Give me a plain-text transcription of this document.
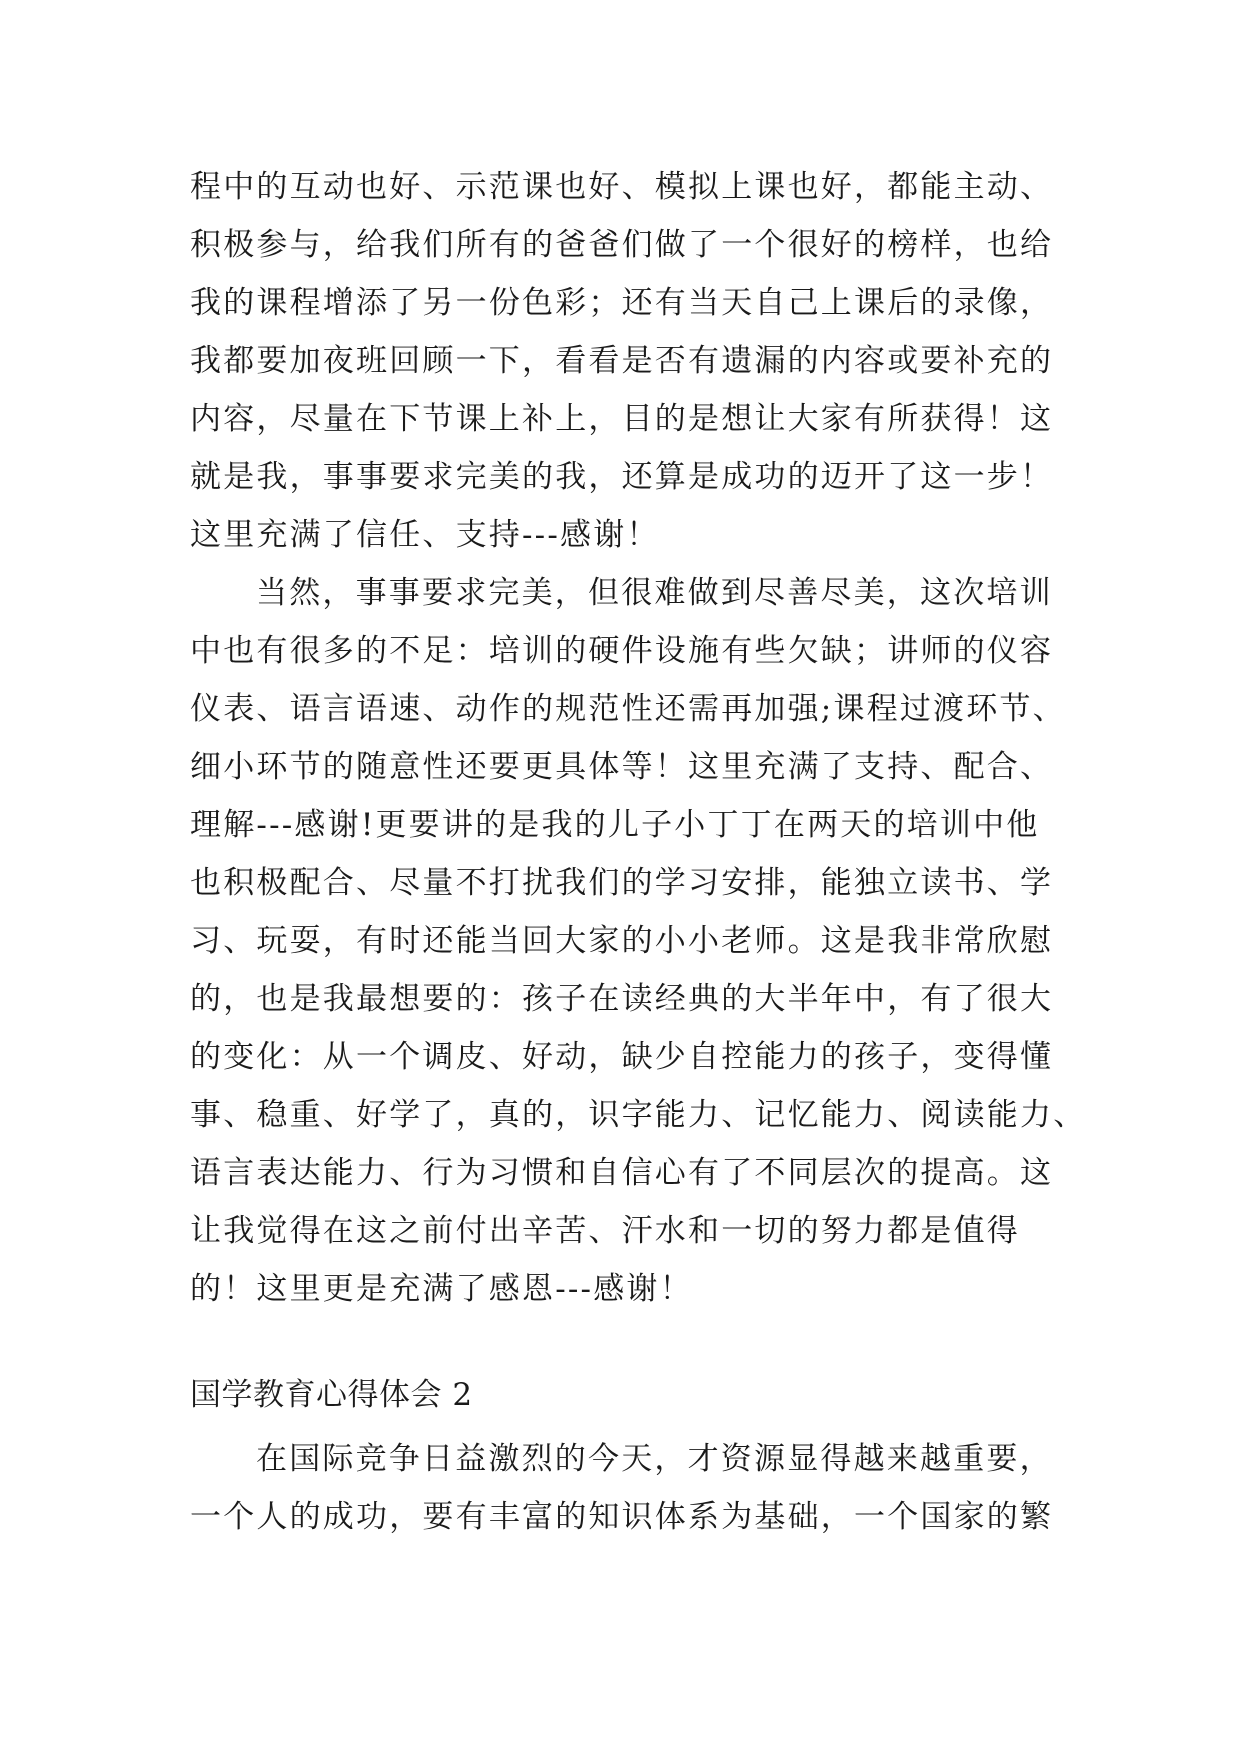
程中的互动也好、示范课也好、模拟上课也好，都能主动、
积极参与，给我们所有的爸爸们做了一个很好的榜样，也给
我的课程增添了另一份色彩；还有当天自己上课后的录像，
我都要加夜班回顾一下，看看是否有遗漏的内容或要补充的
内容，尽量在下节课上补上，目的是想让大家有所获得！这
就是我，事事要求完美的我，还算是成功的迈开了这一步！
这里充满了信任、支持---感谢！
当然，事事要求完美，但很难做到尽善尽美，这次培训
中也有很多的不足：培训的硬件设施有些欠缺；讲师的仪容
仪表、语言语速、动作的规范性还需再加强;课程过渡环节、
细小环节的随意性还要更具体等！这里充满了支持、配合、
理解---感谢!更要讲的是我的儿子小丁丁在两天的培训中他
也积极配合、尽量不打扰我们的学习安排，能独立读书、学
习、玩耍，有时还能当回大家的小小老师。这是我非常欣慰
的，也是我最想要的：孩子在读经典的大半年中，有了很大
的变化：从一个调皮、好动，缺少自控能力的孩子，变得懂
事、稳重、好学了，真的，识字能力、记忆能力、阅读能力、
语言表达能力、行为习惯和自信心有了不同层次的提高。这
让我觉得在这之前付出辛苦、汗水和一切的努力都是值得
的！这里更是充满了感恩---感谢！
国学教育心得体会 2
在国际竞争日益激烈的今天，才资源显得越来越重要，
一个人的成功，要有丰富的知识体系为基础，一个国家的繁
